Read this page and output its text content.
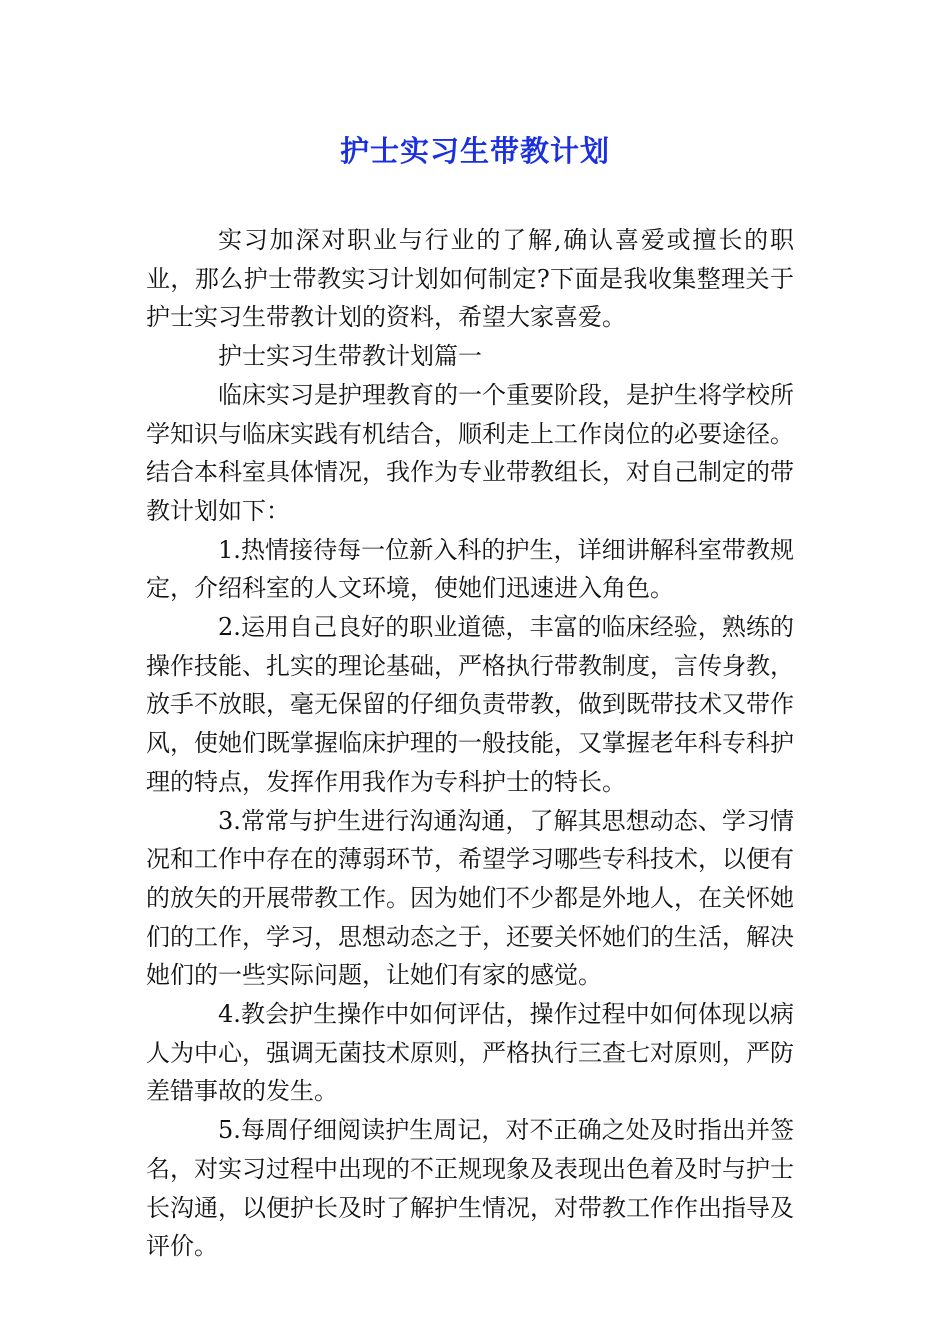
护士实习生带教计划

实习加深对职业与行业的了解,确认喜爱或擅长的职业，那么护士带教实习计划如何制定?下面是我收集整理关于护士实习生带教计划的资料，希望大家喜爱。

护士实习生带教计划篇一

临床实习是护理教育的一个重要阶段，是护生将学校所学知识与临床实践有机结合，顺利走上工作岗位的必要途径。结合本科室具体情况，我作为专业带教组长，对自己制定的带教计划如下：

1.热情接待每一位新入科的护生，详细讲解科室带教规定，介绍科室的人文环境，使她们迅速进入角色。

2.运用自己良好的职业道德，丰富的临床经验，熟练的操作技能、扎实的理论基础，严格执行带教制度，言传身教，放手不放眼，毫无保留的仔细负责带教，做到既带技术又带作风，使她们既掌握临床护理的一般技能，又掌握老年科专科护理的特点，发挥作用我作为专科护士的特长。

3.常常与护生进行沟通沟通，了解其思想动态、学习情况和工作中存在的薄弱环节，希望学习哪些专科技术，以便有的放矢的开展带教工作。因为她们不少都是外地人，在关怀她们的工作，学习，思想动态之于，还要关怀她们的生活，解决她们的一些实际问题，让她们有家的感觉。

4.教会护生操作中如何评估，操作过程中如何体现以病人为中心，强调无菌技术原则，严格执行三查七对原则，严防差错事故的发生。

5.每周仔细阅读护生周记，对不正确之处及时指出并签名，对实习过程中出现的不正规现象及表现出色着及时与护士长沟通，以便护长及时了解护生情况，对带教工作作出指导及评价。
